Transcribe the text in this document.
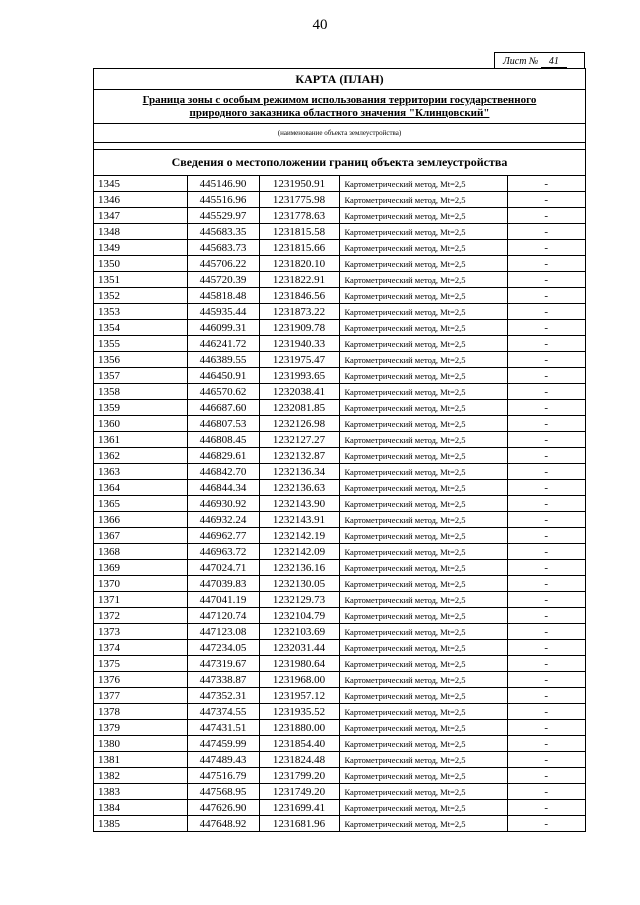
40
Лист № 41
КАРТА (ПЛАН)
Граница зоны с особым режимом использования территории государственного
природного заказника областного значения "Клинцовский"
(наименование объекта землеустройства)
Сведения о местоположении границ объекта землеустройства
1345	445146.90	1231950.91	Картометрический метод, Mt=2,5	-
1346	445516.96	1231775.98	Картометрический метод, Mt=2,5	-
1347	445529.97	1231778.63	Картометрический метод, Mt=2,5	-
1348	445683.35	1231815.58	Картометрический метод, Mt=2,5	-
1349	445683.73	1231815.66	Картометрический метод, Mt=2,5	-
1350	445706.22	1231820.10	Картометрический метод, Mt=2,5	-
1351	445720.39	1231822.91	Картометрический метод, Mt=2,5	-
1352	445818.48	1231846.56	Картометрический метод, Mt=2,5	-
1353	445935.44	1231873.22	Картометрический метод, Mt=2,5	-
1354	446099.31	1231909.78	Картометрический метод, Mt=2,5	-
1355	446241.72	1231940.33	Картометрический метод, Mt=2,5	-
1356	446389.55	1231975.47	Картометрический метод, Mt=2,5	-
1357	446450.91	1231993.65	Картометрический метод, Mt=2,5	-
1358	446570.62	1232038.41	Картометрический метод, Mt=2,5	-
1359	446687.60	1232081.85	Картометрический метод, Mt=2,5	-
1360	446807.53	1232126.98	Картометрический метод, Mt=2,5	-
1361	446808.45	1232127.27	Картометрический метод, Mt=2,5	-
1362	446829.61	1232132.87	Картометрический метод, Mt=2,5	-
1363	446842.70	1232136.34	Картометрический метод, Mt=2,5	-
1364	446844.34	1232136.63	Картометрический метод, Mt=2,5	-
1365	446930.92	1232143.90	Картометрический метод, Mt=2,5	-
1366	446932.24	1232143.91	Картометрический метод, Mt=2,5	-
1367	446962.77	1232142.19	Картометрический метод, Mt=2,5	-
1368	446963.72	1232142.09	Картометрический метод, Mt=2,5	-
1369	447024.71	1232136.16	Картометрический метод, Mt=2,5	-
1370	447039.83	1232130.05	Картометрический метод, Mt=2,5	-
1371	447041.19	1232129.73	Картометрический метод, Mt=2,5	-
1372	447120.74	1232104.79	Картометрический метод, Mt=2,5	-
1373	447123.08	1232103.69	Картометрический метод, Mt=2,5	-
1374	447234.05	1232031.44	Картометрический метод, Mt=2,5	-
1375	447319.67	1231980.64	Картометрический метод, Mt=2,5	-
1376	447338.87	1231968.00	Картометрический метод, Mt=2,5	-
1377	447352.31	1231957.12	Картометрический метод, Mt=2,5	-
1378	447374.55	1231935.52	Картометрический метод, Mt=2,5	-
1379	447431.51	1231880.00	Картометрический метод, Mt=2,5	-
1380	447459.99	1231854.40	Картометрический метод, Mt=2,5	-
1381	447489.43	1231824.48	Картометрический метод, Mt=2,5	-
1382	447516.79	1231799.20	Картометрический метод, Mt=2,5	-
1383	447568.95	1231749.20	Картометрический метод, Mt=2,5	-
1384	447626.90	1231699.41	Картометрический метод, Mt=2,5	-
1385	447648.92	1231681.96	Картометрический метод, Mt=2,5	-
